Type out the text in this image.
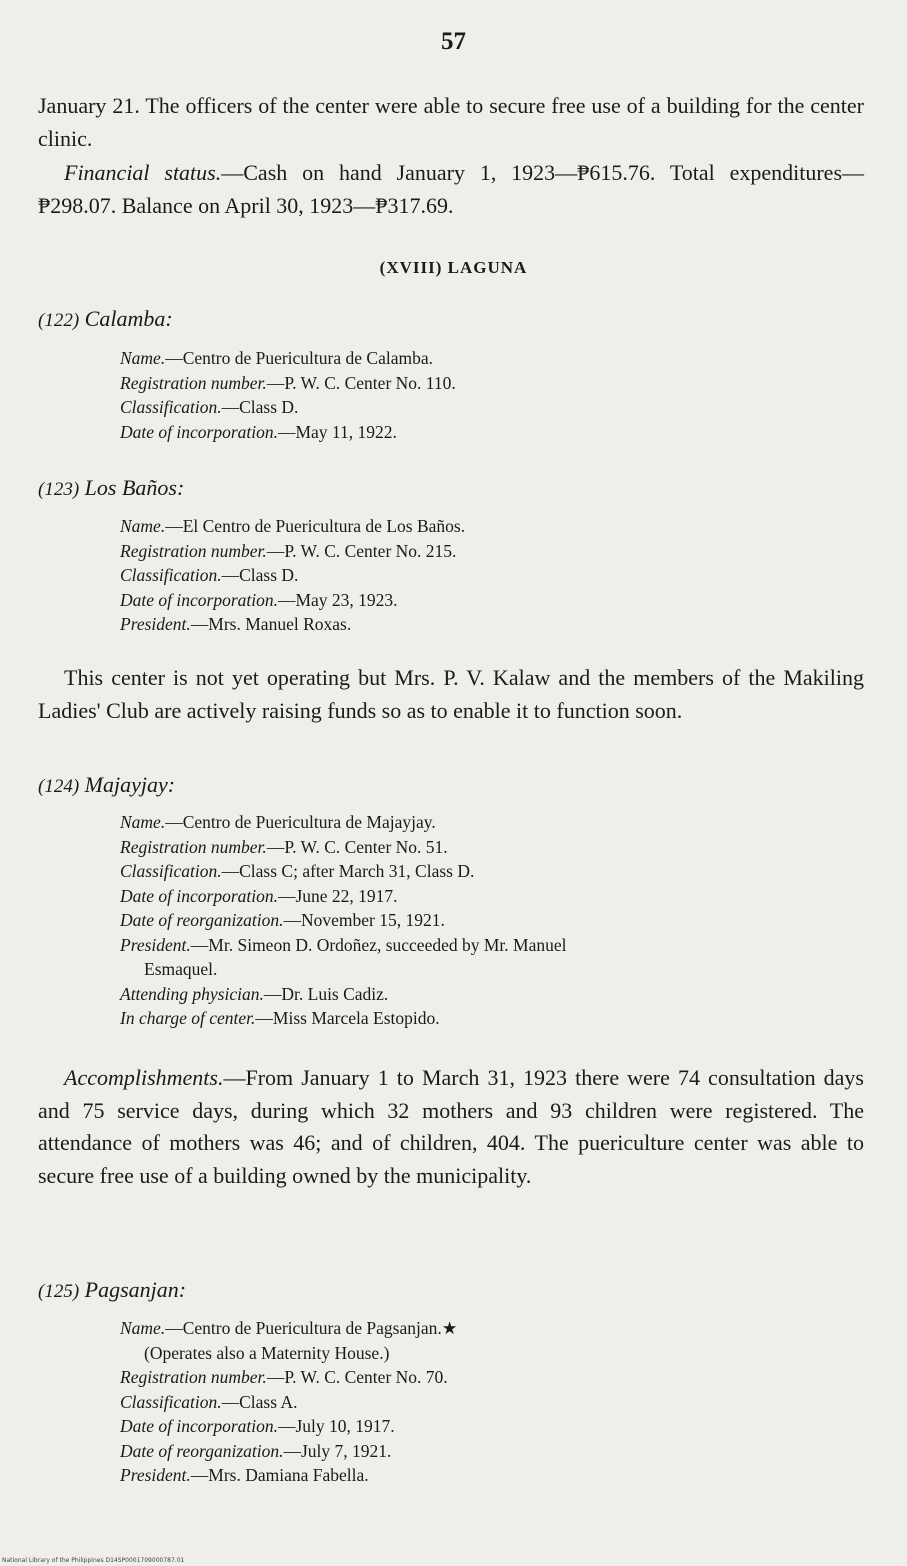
57
January 21. The officers of the center were able to secure free use of a building for the center clinic.
Financial status.—Cash on hand January 1, 1923—₱615.76. Total expenditures—₱298.07. Balance on April 30, 1923—₱317.69.
(XVIII) LAGUNA
(122) Calamba:
Name.—Centro de Puericultura de Calamba.
Registration number.—P. W. C. Center No. 110.
Classification.—Class D.
Date of incorporation.—May 11, 1922.
(123) Los Baños:
Name.—El Centro de Puericultura de Los Baños.
Registration number.—P. W. C. Center No. 215.
Classification.—Class D.
Date of incorporation.—May 23, 1923.
President.—Mrs. Manuel Roxas.
This center is not yet operating but Mrs. P. V. Kalaw and the members of the Makiling Ladies' Club are actively raising funds so as to enable it to function soon.
(124) Majayjay:
Name.—Centro de Puericultura de Majayjay.
Registration number.—P. W. C. Center No. 51.
Classification.—Class C; after March 31, Class D.
Date of incorporation.—June 22, 1917.
Date of reorganization.—November 15, 1921.
President.—Mr. Simeon D. Ordoñez, succeeded by Mr. Manuel
Esmaquel.
Attending physician.—Dr. Luis Cadiz.
In charge of center.—Miss Marcela Estopido.
Accomplishments.—From January 1 to March 31, 1923 there were 74 consultation days and 75 service days, during which 32 mothers and 93 children were registered. The attendance of mothers was 46; and of children, 404. The puericulture center was able to secure free use of a building owned by the municipality.
(125) Pagsanjan:
Name.—Centro de Puericultura de Pagsanjan.★
(Operates also a Maternity House.)
Registration number.—P. W. C. Center No. 70.
Classification.—Class A.
Date of incorporation.—July 10, 1917.
Date of reorganization.—July 7, 1921.
President.—Mrs. Damiana Fabella.
National Library of the Philippines D14SP0001709000787.01
